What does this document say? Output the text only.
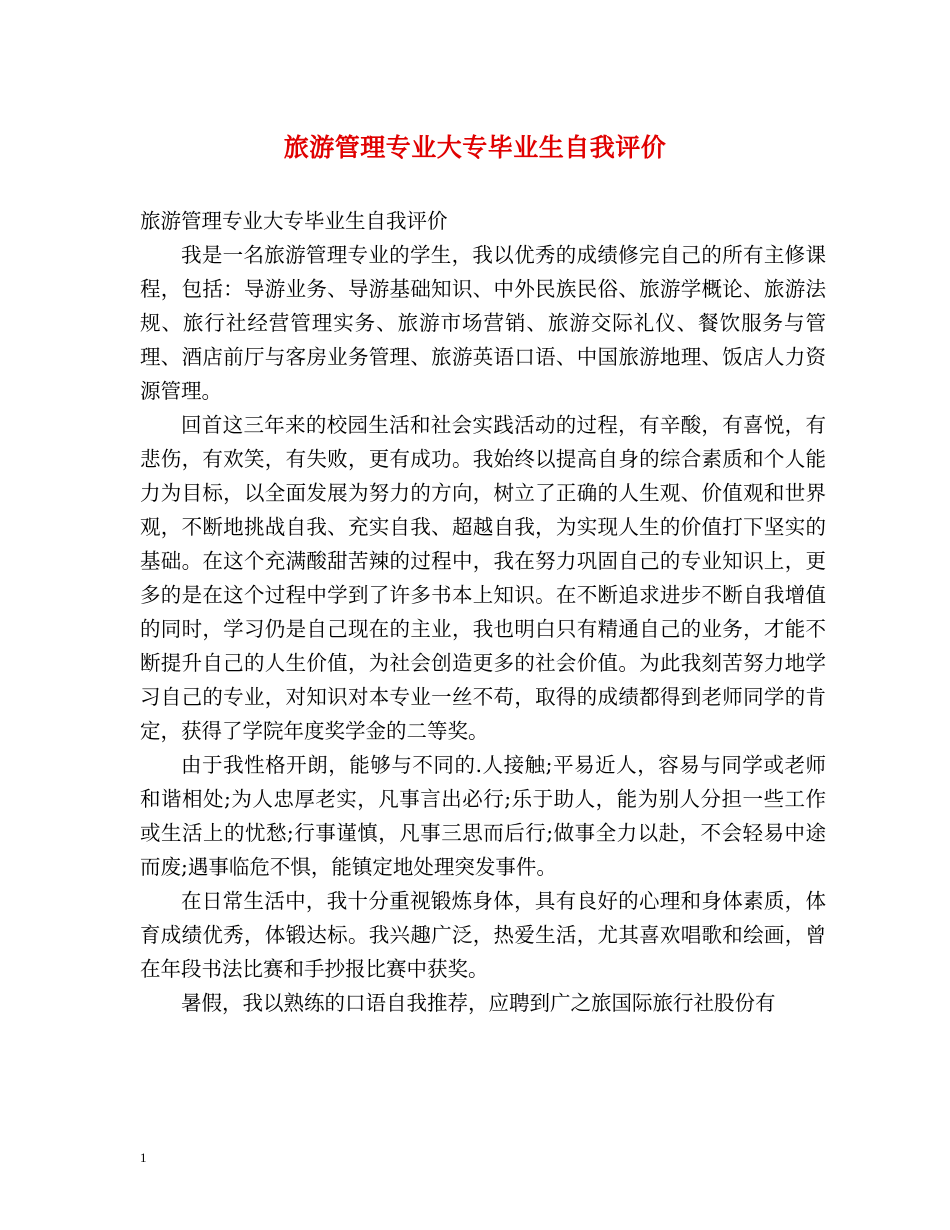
旅游管理专业大专毕业生自我评价

旅游管理专业大专毕业生自我评价

我是一名旅游管理专业的学生，我以优秀的成绩修完自己的所有主修课程，包括：导游业务、导游基础知识、中外民族民俗、旅游学概论、旅游法规、旅行社经营管理实务、旅游市场营销、旅游交际礼仪、餐饮服务与管理、酒店前厅与客房业务管理、旅游英语口语、中国旅游地理、饭店人力资源管理。

回首这三年来的校园生活和社会实践活动的过程，有辛酸，有喜悦，有悲伤，有欢笑，有失败，更有成功。我始终以提高自身的综合素质和个人能力为目标，以全面发展为努力的方向，树立了正确的人生观、价值观和世界观，不断地挑战自我、充实自我、超越自我，为实现人生的价值打下坚实的基础。在这个充满酸甜苦辣的过程中，我在努力巩固自己的专业知识上，更多的是在这个过程中学到了许多书本上知识。在不断追求进步不断自我增值的同时，学习仍是自己现在的主业，我也明白只有精通自己的业务，才能不断提升自己的人生价值，为社会创造更多的社会价值。为此我刻苦努力地学习自己的专业，对知识对本专业一丝不苟，取得的成绩都得到老师同学的肯定，获得了学院年度奖学金的二等奖。

由于我性格开朗，能够与不同的.人接触;平易近人，容易与同学或老师和谐相处;为人忠厚老实，凡事言出必行;乐于助人，能为别人分担一些工作或生活上的忧愁;行事谨慎，凡事三思而后行;做事全力以赴，不会轻易中途而废;遇事临危不惧，能镇定地处理突发事件。

在日常生活中，我十分重视锻炼身体，具有良好的心理和身体素质，体育成绩优秀，体锻达标。我兴趣广泛，热爱生活，尤其喜欢唱歌和绘画，曾在年段书法比赛和手抄报比赛中获奖。

暑假，我以熟练的口语自我推荐，应聘到广之旅国际旅行社股份有

1
